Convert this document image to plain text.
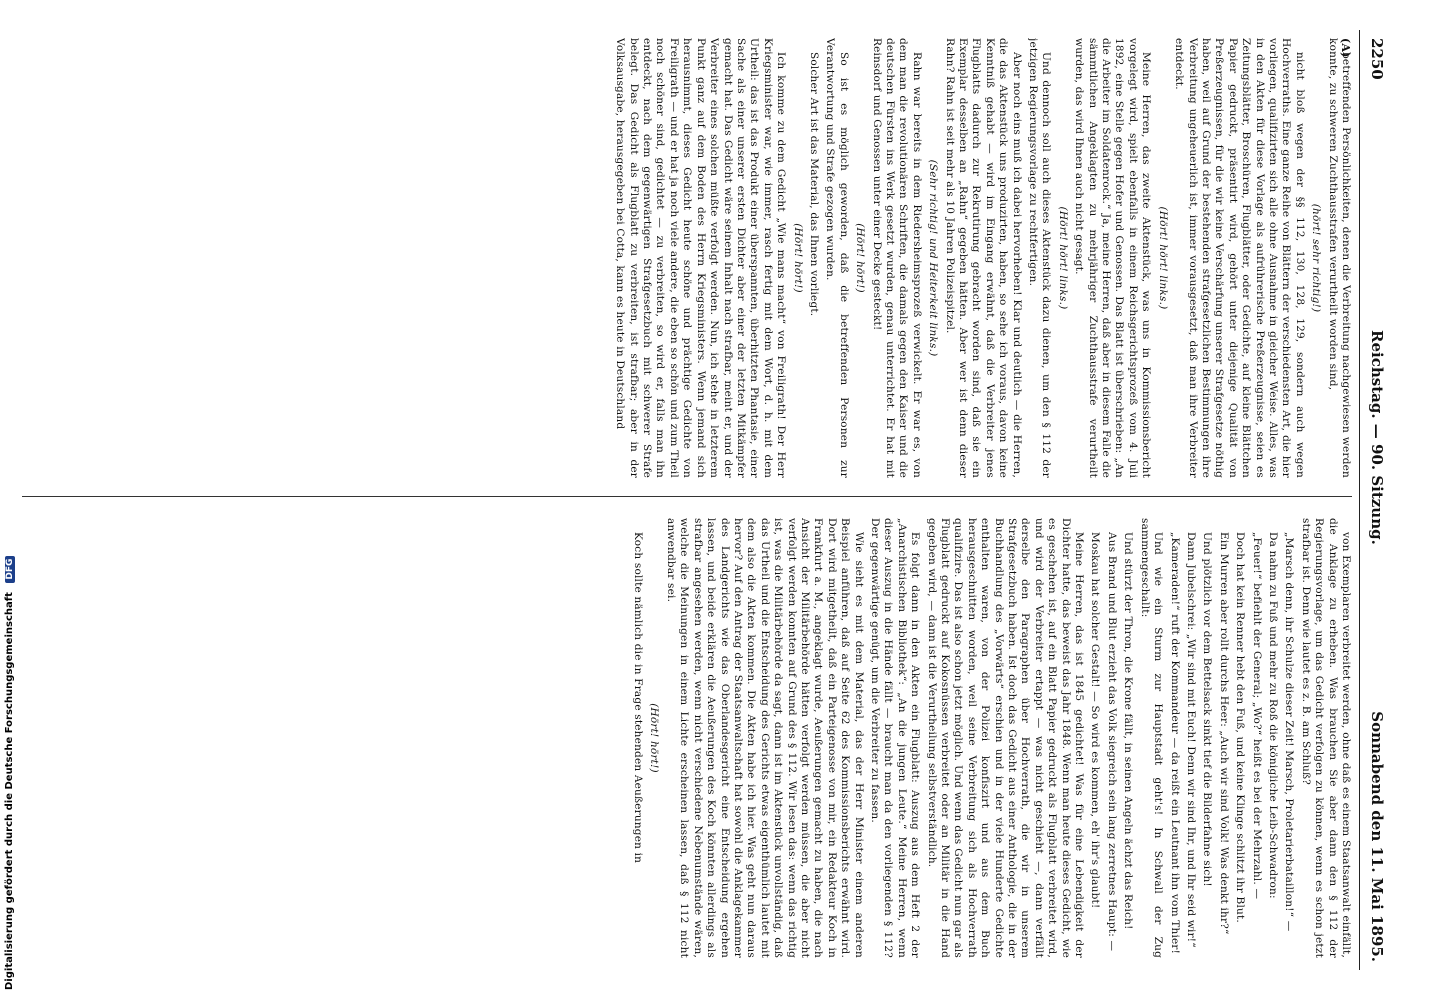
Digitalisierung gefördert durch die Deutsche Forschungsgemeinschaft DFG
2250
Reichstag. — 90. Sitzung.
Sonnabend den 11. Mai 1895.
(A)

betreffenden Persönlichkeiten, denen die Verbreitung nachgewiesen werden konnte, zu schweren Zuchthausstrafen verurtheilt worden sind,

(hört! sehr richtig!)

nicht bloß wegen der §§ 112, 130, 128, 129, sondern auch wegen Hochverraths. Eine ganze Reihe von Blättern der verschiedensten Art, die hier vorliegen, qualifizirten sich alle ohne Ausnahme in gleicher Weise. Alles, was in den Akten für diese Vorlage als aufrührerische Preßerzeugnisse, seien es Zeitungsblätter, Broschüren, Flugblätter, oder Gedichte, auf kleine Blättchen Papier gedruckt, präsentirt wird, gehört unter diejenige Qualität von Preßerzeugnissen, für die wir keine Verschärfung unserer Strafgesetze nöthig haben, weil auf Grund der bestehenden strafgesetzlichen Bestimmungen ihre Verbreitung ungeheuerlich ist, immer vorausgesetzt, daß man ihre Verbreiter entdeckt.

(Hört! hört! links.)

Meine Herren, das zweite Aktenstück, was uns in Kommissionsbericht vorgelegt wird, spielt ebenfalls in einem Reichsgerichtsprozeß vom 4. Juli 1892, eine Stelle gegen Hofer und Genossen. Das Blatt ist überschrieben: „An die Arbeiter im Soldatenrock.“ Ja, meine Herren, daß aber in diesem Falle die sämmtlichen Angeklagten zu mehrjähriger Zuchthausstrafe verurtheilt wurden, das wird Ihnen auch nicht gesagt.

(Hört! hört! links.)

Und dennoch soll auch dieses Aktenstück dazu dienen, um den § 112 der jetzigen Regierungsvorlage zu rechtfertigen.

Aber noch eins muß ich dabei hervorheben! Klar und deutlich — die Herren, die das Aktenstück uns produzirten, haben, so sehe ich voraus, davon keine Kenntniß gehabt — wird im Eingang erwähnt, daß die Verbreiter jenes Flugblatts dadurch zur Rekrutirung gebracht worden sind, daß sie ein Exemplar desselben an „Rahn“ gegeben hätten. Aber wer ist denn dieser Rahn? Rahn ist seit mehr als 10 Jahren Polizeispitzel.

(Sehr richtig! und Heiterkeit links.)

Rahn war bereits in dem Riedersheimsprozeß verwickelt. Er war es, von dem man die revolutionären Schriften, die damals gegen den Kaiser und die deutschen Fürsten ins Werk gesetzt wurden, genau unterrichtet. Er hat mit Reinsdorf und Genossen unter einer Decke gesteckt!

(Hört! hört!)

So ist es möglich geworden, daß die betreffenden Personen zur Verantwortung und Strafe gezogen wurden.

Solcher Art ist das Material, das Ihnen vorliegt.

(Hört! hört!)

Ich komme zu dem Gedicht „Wie mans macht“ von Freiligrath! Der Herr Kriegsminister war, wie immer, rasch fertig mit dem Wort, d. h. mit dem Urtheil: das ist das Produkt einer überspannten, überhitzten Phantasie, einer Sache als einer unserer ersten Dichter aber einer der letzten Mitkämpfer gemacht hat. Das Gedicht wäre seinem Inhalt nach strafbar, meint er, und der Verbreiter eines solchen müßte verfolgt werden. Nun, ich stehe in letzterem Punkt ganz auf dem Boden des Herrn Kriegsministers. Wenn jemand sich herausnimmt, dieses Gedicht heute schöne und prächtige Gedichte von Freiligrath — und er hat ja noch viele andere, die eben so schön und zum Theil noch schöner sind, gedichtet — zu verbreiten, so wird er, falls man ihn entdeckt, nach dem gegenwärtigen Strafgesetzbuch mit schwerer Strafe belegt. Das Gedicht als Flugblatt zu verbreiten, ist strafbar; aber in der Volksausgabe, herausgegeben bei Cotta, kann es heute in Deutschland

von Exemplaren verbreitet werden, ohne daß es einem Staatsanwalt einfällt, die Anklage zu erheben. Was brauchen Sie aber dann den § 112 der Regierungsvorlage, um das Gedicht verfolgen zu können, wenn es schon jetzt strafbar ist. Denn wie lautet es z. B. am Schluß?

„Marsch denn, ihr Schulze dieser Zeit! Marsch, Proletarierbataillon!“ —

Da nahm zu Fuß und mehr zu Roß die königliche Leib-Schwadron:

„Feuer!“ befiehlt der General; „Wo?“ heißt es bei der Mehrzahl. —

Doch hat kein Renner hebt den Fuß, und keine Klinge schlitzt ihr Blut.

Ein Murren aber rollt durchs Heer: „Auch wir sind Volk! Was denkt ihr?“

Und plötzlich vor dem Bettelsack sinkt tief die Bilderfahne sich!

Dann Jubelschrei: „Wir sind mit Euch! Denn wir sind Ihr, und Ihr seid wir!“

„Kameraden!“ ruft der Kommandeur — da reißt ein Leutnant ihn vom Thier!

Und wie ein Sturm zur Hauptstadt geht's! In Schwall der Zug sammengeschallt:

Und stürzt der Thron, die Krone fällt, in seinen Angeln ächzt das Reich!

Aus Brand und Blut erzieht das Volk siegreich sein lang zerretnes Haupt: —

Moskau hat solcher Gestalt! — So wird es kommen, eh' ihr's glaubt!

Meine Herren, das ist 1845 gedichtet! Was für eine Lebendigkeit der Dichter hatte, das beweist das Jahr 1848. Wenn man heute dieses Gedicht, wie es geschehen ist, auf ein Blatt Papier gedruckt als Flugblatt verbreitet wird, und wird der Verbreiter ertappt — was nicht geschieht —, dann verfällt derselbe den Paragraphen über Hochverrath, die wir in unserem Strafgesetzbuch haben. Ist doch das Gedicht aus einer Anthologie, die in der Buchhandlung des „Vorwärts“ erschien und in der viele Hunderte Gedichte enthalten waren, von der Polizei konfiszirt und aus dem Buch herausgeschnitten worden, weil seine Verbreitung sich als Hochverrath qualifizire. Das ist also schon jetzt möglich. Und wenn das Gedicht nun gar als Flugblatt gedruckt auf Kokosnüssen verbreitet oder an Militär in die Hand gegeben wird, — dann ist die Verurtheilung selbstverständlich.

Es folgt dann in den Akten ein Flugblatt: Auszug aus dem Heft 2 der „Anarchistischen Bibliothek“: „An die jungen Leute.“ Meine Herren, wenn dieser Auszug in die Hände fällt — braucht man da den vorliegenden § 112? Der gegenwärtige genügt, um die Verbreiter zu fassen.

Wie sieht es mit dem Material, das der Herr Minister einem anderen Beispiel anführen, daß auf Seite 62 des Kommissionsberichts erwähnt wird. Dort wird mitgetheilt, daß ein Parteigenosse von mir, ein Redakteur Koch in Frankfurt a. M., angeklagt wurde, Aeußerungen gemacht zu haben, die nach Ansicht der Militärbehörde hätten verfolgt werden müssen, die aber nicht verfolgt werden konnten auf Grund des § 112. Wir lesen das: wenn das richtig ist, was die Militärbehörde da sagt, dann ist im Aktenstück unvollständig, daß das Urtheil und die Entscheidung des Gerichts etwas eigenthümlich lautet mit dem also die Akten kommen. Die Akten habe ich hier. Was geht nun daraus hervor? Auf den Antrag der Staatsanwaltschaft hat sowohl die Anklagekammer des Landgerichts wie das Oberlandesgericht eine Entscheidung ergehen lassen, und beide erklären die Aeußerungen des Koch könnten allerdings als strafbar angesehen werden, wenn nicht verschiedene Nebenumstände wären, welche die Meinungen in einem Lichte erscheinen lassen, daß § 112 nicht anwendbar sei.

(Hört! hört!)

Koch sollte nämlich die in Frage stehenden Aeußerungen in
